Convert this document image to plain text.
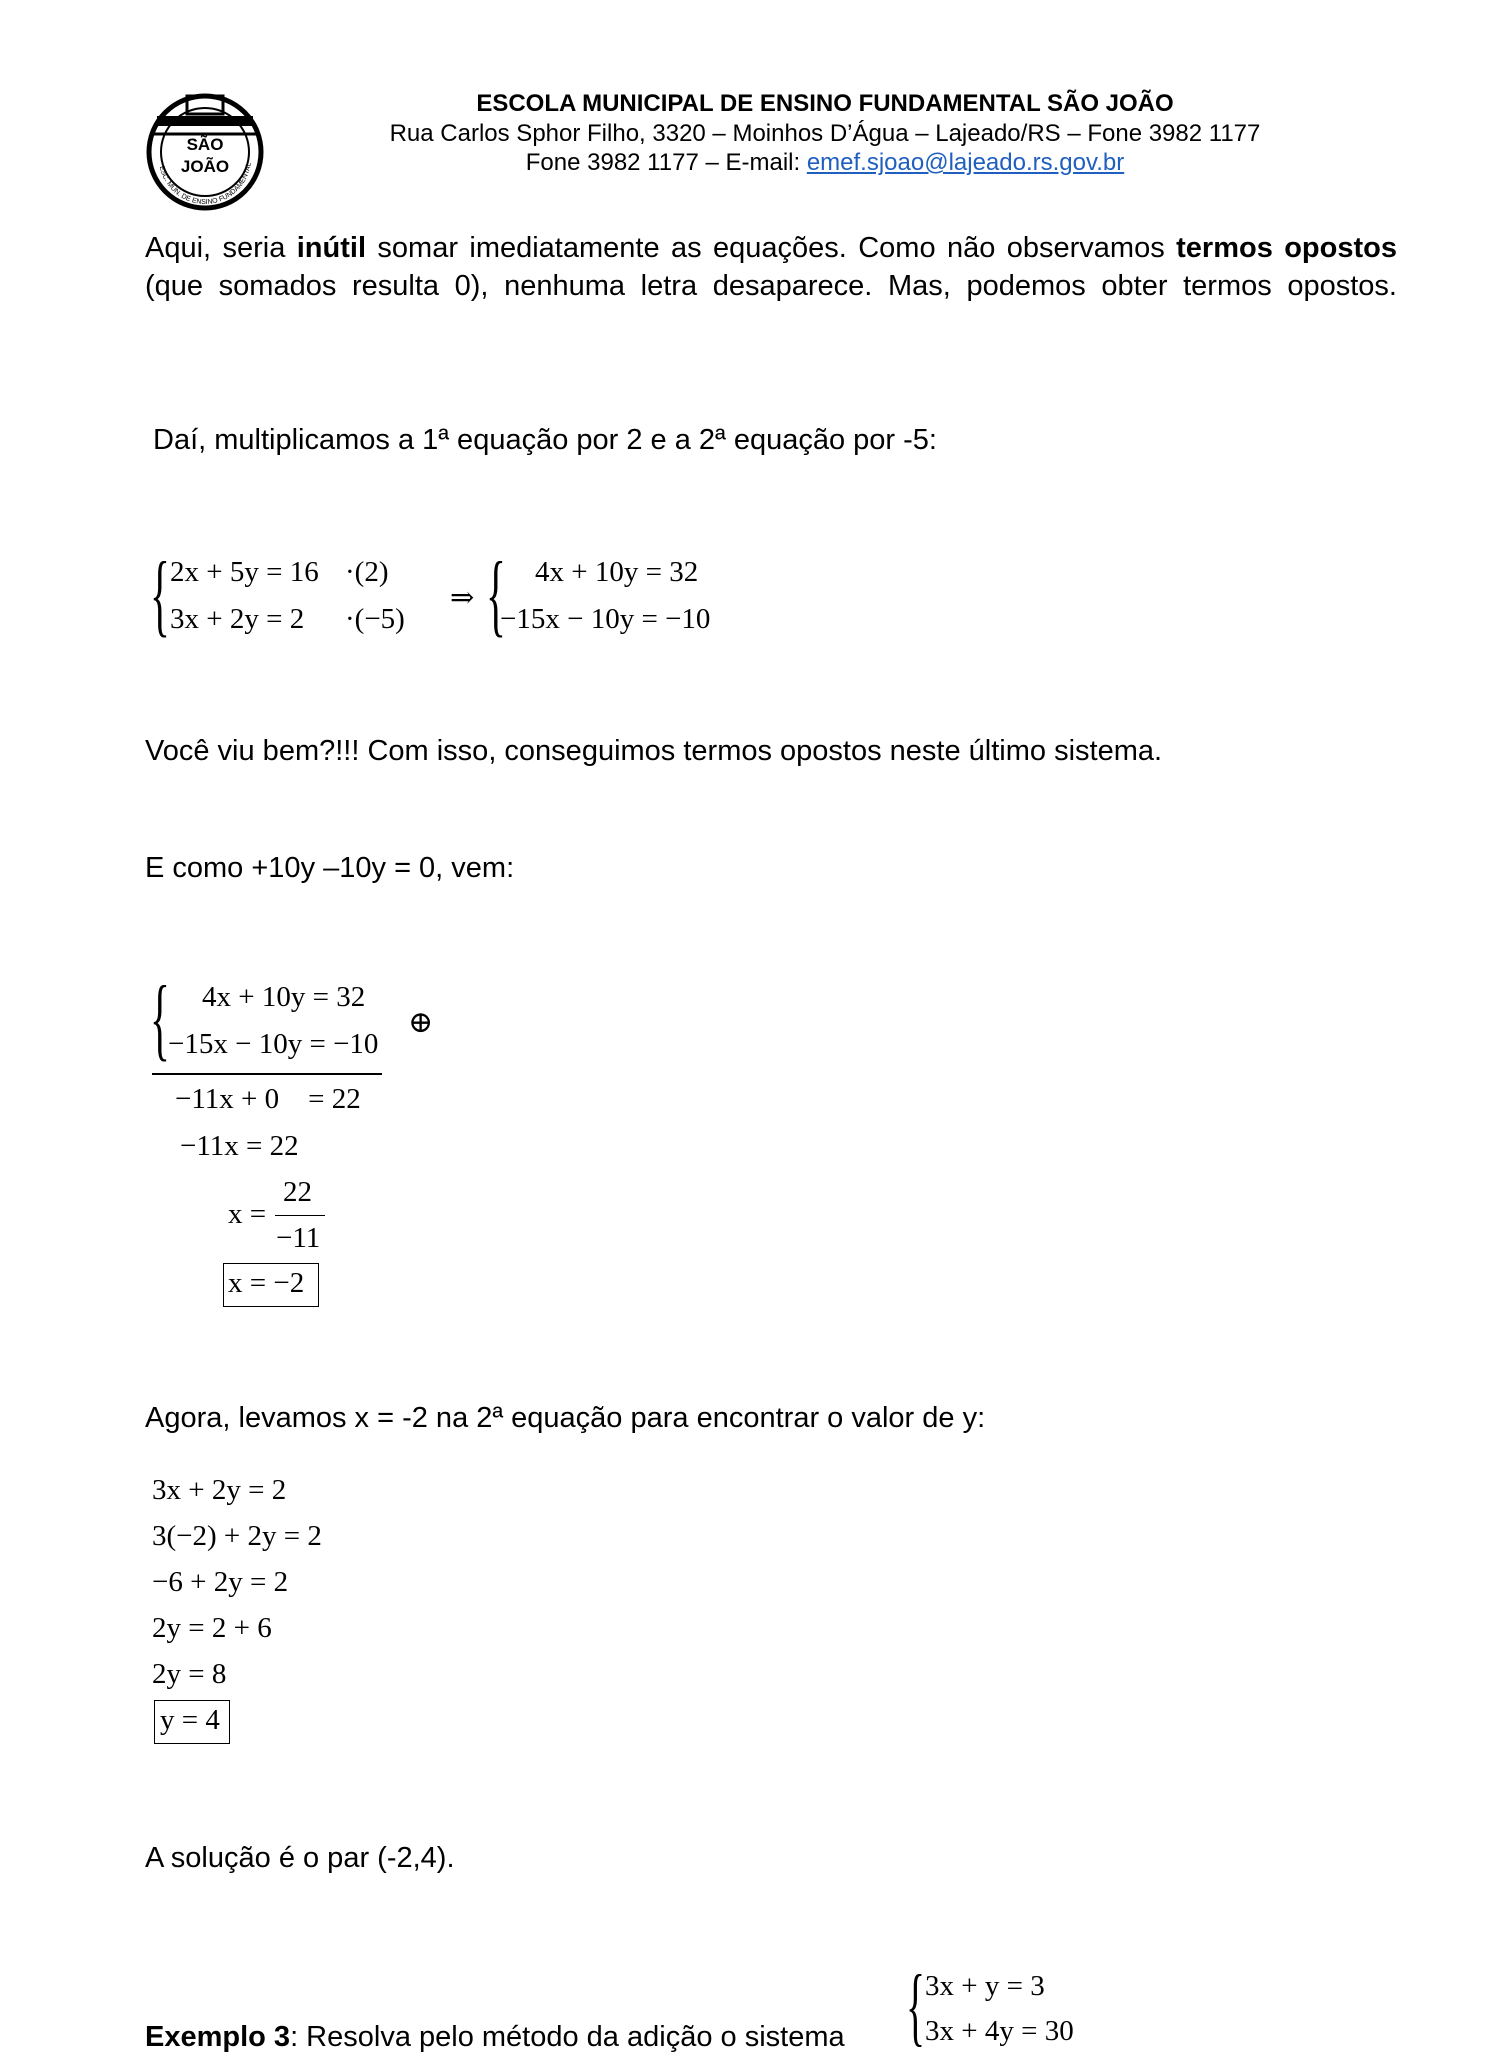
SÃO
JOÃO
ESC. MUN. DE ENSINO FUNDAMENTAL
ESCOLA MUNICIPAL DE ENSINO FUNDAMENTAL SÃO JOÃO
Rua Carlos Sphor Filho, 3320 – Moinhos D’Água – Lajeado/RS – Fone 3982 1177
Fone 3982 1177 – E-mail: emef.sjoao@lajeado.rs.gov.br
Aqui, seria inútil somar imediatamente as equações. Como não observamos termos opostos (que somados resulta 0), nenhuma letra desaparece. Mas, podemos obter termos opostos.
Daí, multiplicamos a 1ª equação por 2 e a 2ª equação por -5:
{ 2x + 5y = 16 ·(2)
3x + 2y = 2 ·(−5)
⇒ { 4x + 10y = 32
−15x − 10y = −10
Você viu bem?!!! Com isso, conseguimos termos opostos neste último sistema.
E como +10y –10y = 0, vem:
{ 4x + 10y = 32
−15x − 10y = −10
⊕
−11x + 0    = 22
−11x = 22
x =
22
−11
x = −2
Agora, levamos x = -2 na 2ª equação para encontrar o valor de y:
3x + 2y = 2
3(−2) + 2y = 2
−6 + 2y = 2
2y = 2 + 6
2y = 8
y = 4
A solução é o par (-2,4).
Exemplo 3: Resolva pelo método da adição o sistema { 3x + y = 3
3x + 4y = 30
